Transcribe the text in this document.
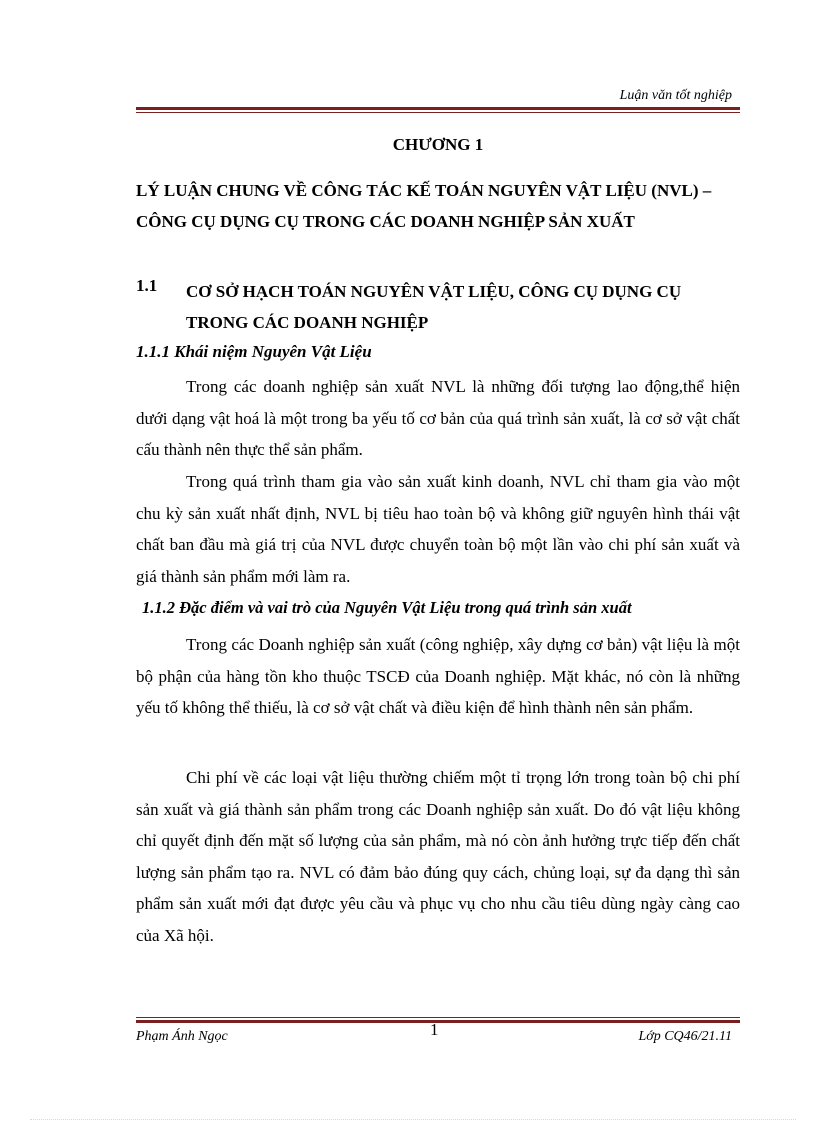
Luận văn tốt nghiệp
CHƯƠNG 1
LÝ LUẬN CHUNG VỀ CÔNG TÁC KẾ TOÁN NGUYÊN VẬT LIỆU (NVL) – CÔNG CỤ DỤNG CỤ TRONG CÁC DOANH NGHIỆP SẢN XUẤT
1.1 CƠ SỞ HẠCH TOÁN NGUYÊN VẬT LIỆU, CÔNG CỤ DỤNG CỤ TRONG CÁC DOANH NGHIỆP
1.1.1 Khái niệm Nguyên Vật Liệu
Trong các doanh nghiệp sản xuất NVL là những đối tượng lao động,thể hiện dưới dạng vật hoá là một trong ba yếu tố cơ bản của quá trình sản xuất, là cơ sở vật chất cấu thành nên thực thể sản phẩm.
Trong quá trình tham gia vào sản xuất kinh doanh, NVL chỉ tham gia vào một chu kỳ sản xuất nhất định, NVL bị tiêu hao toàn bộ và không giữ nguyên hình thái vật chất ban đầu mà giá trị của NVL được chuyển toàn bộ một lần vào chi phí sản xuất và giá thành sản phẩm mới làm ra.
1.1.2 Đặc điểm và vai trò của Nguyên Vật Liệu trong quá trình sản xuất
Trong các Doanh nghiệp sản xuất (công nghiệp, xây dựng cơ bản) vật liệu là một bộ phận của hàng tồn kho thuộc TSCĐ của Doanh nghiệp. Mặt khác, nó còn là những yếu tố không thể thiếu, là cơ sở vật chất và điều kiện để hình thành nên sản phẩm.
Chi phí về các loại vật liệu thường chiếm một tỉ trọng lớn trong toàn bộ chi phí sản xuất và giá thành sản phẩm trong các Doanh nghiệp sản xuất. Do đó vật liệu không chỉ quyết định đến mặt số lượng của sản phẩm, mà nó còn ảnh hưởng trực tiếp đến chất lượng sản phẩm tạo ra. NVL có đảm bảo đúng quy cách, chủng loại, sự đa dạng thì sản phẩm sản xuất mới đạt được yêu cầu và phục vụ cho nhu cầu tiêu dùng ngày càng cao của Xã hội.
Phạm Ánh Ngọc	1	Lớp CQ46/21.11
